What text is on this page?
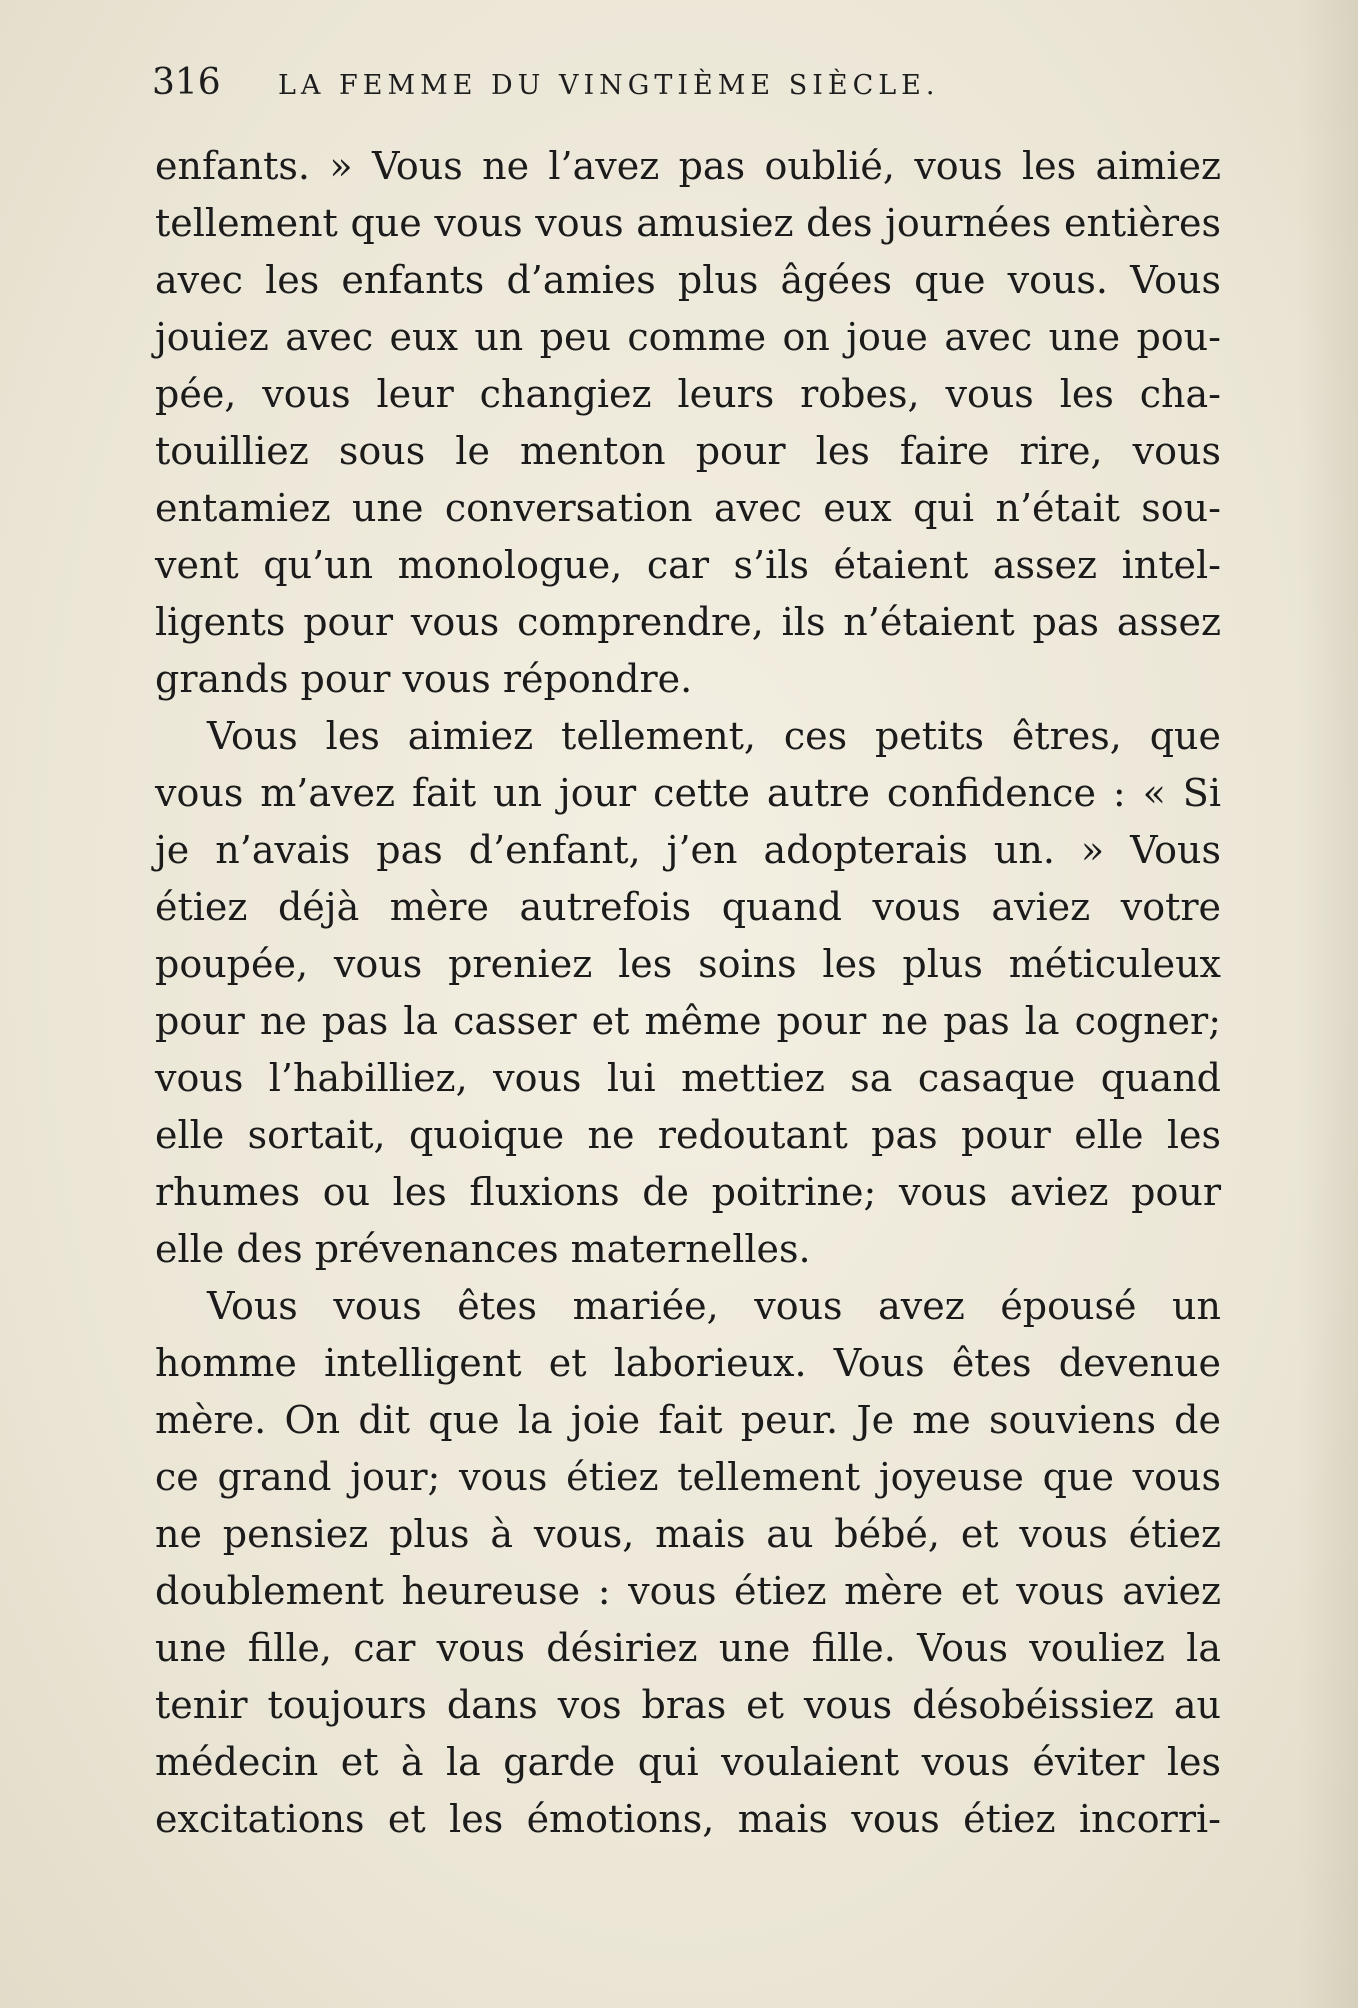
316 LA FEMME DU VINGTIÈME SIÈCLE.
enfants. » Vous ne l’avez pas oublié, vous les aimiez
tellement que vous vous amusiez des journées entières
avec les enfants d’amies plus âgées que vous. Vous
jouiez avec eux un peu comme on joue avec une pou-
pée, vous leur changiez leurs robes, vous les cha-
touilliez sous le menton pour les faire rire, vous
entamiez une conversation avec eux qui n’était sou-
vent qu’un monologue, car s’ils étaient assez intel-
ligents pour vous comprendre, ils n’étaient pas assez
grands pour vous répondre.
Vous les aimiez tellement, ces petits êtres, que
vous m’avez fait un jour cette autre confidence : « Si
je n’avais pas d’enfant, j’en adopterais un. » Vous
étiez déjà mère autrefois quand vous aviez votre
poupée, vous preniez les soins les plus méticuleux
pour ne pas la casser et même pour ne pas la cogner;
vous l’habilliez, vous lui mettiez sa casaque quand
elle sortait, quoique ne redoutant pas pour elle les
rhumes ou les fluxions de poitrine; vous aviez pour
elle des prévenances maternelles.
Vous vous êtes mariée, vous avez épousé un
homme intelligent et laborieux. Vous êtes devenue
mère. On dit que la joie fait peur. Je me souviens de
ce grand jour; vous étiez tellement joyeuse que vous
ne pensiez plus à vous, mais au bébé, et vous étiez
doublement heureuse : vous étiez mère et vous aviez
une fille, car vous désiriez une fille. Vous vouliez la
tenir toujours dans vos bras et vous désobéissiez au
médecin et à la garde qui voulaient vous éviter les
excitations et les émotions, mais vous étiez incorri-
